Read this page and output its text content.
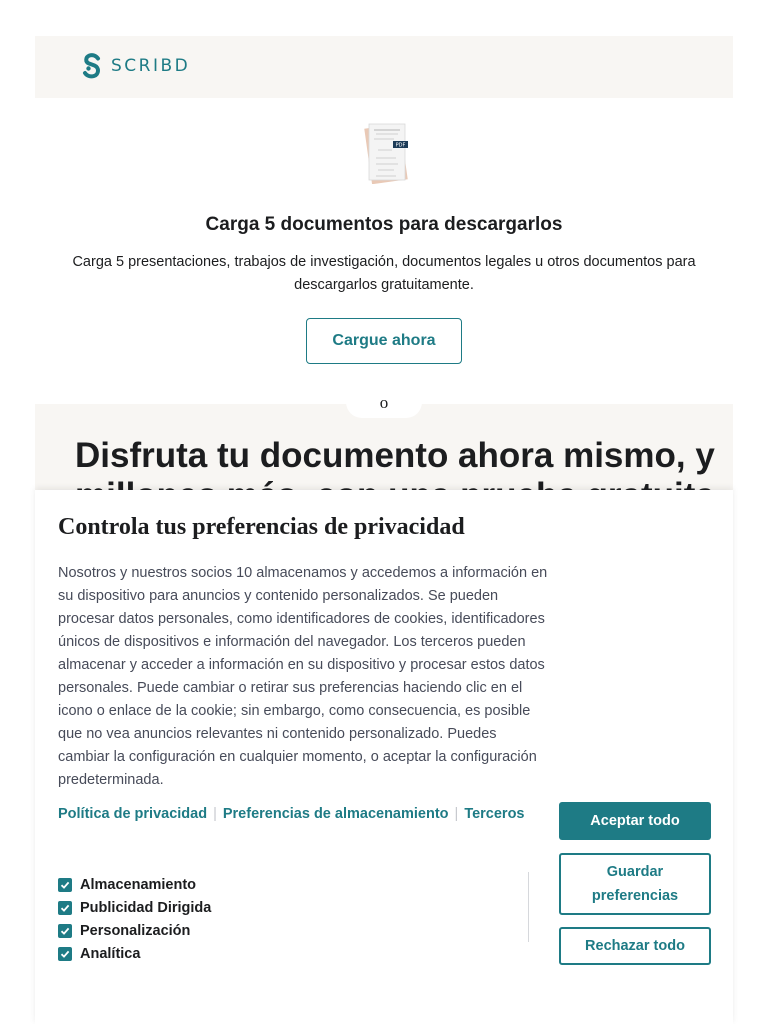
SCRIBD
PDF
Carga 5 documentos para descargarlos
Carga 5 presentaciones, trabajos de investigación, documentos legales u otros documentos para descargarlos gratuitamente.
Cargue ahora
Disfruta tu documento ahora mismo, y
o
Controla tus preferencias de privacidad

Nosotros y nuestros socios 10 almacenamos y accedemos a información en su dispositivo para anuncios y contenido personalizados. Se pueden procesar datos personales, como identificadores de cookies, identificadores únicos de dispositivos e información del navegador. Los terceros pueden almacenar y acceder a información en su dispositivo y procesar estos datos personales. Puede cambiar o retirar sus preferencias haciendo clic en el icono o enlace de la cookie; sin embargo, como consecuencia, es posible que no vea anuncios relevantes ni contenido personalizado. Puedes cambiar la configuración en cualquier momento, o aceptar la configuración predeterminada.

Política de privacidad | Preferencias de almacenamiento | Terceros
Almacenamiento
Publicidad Dirigida
Personalización
Analítica
Aceptar todo
Guardar preferencias
Rechazar todo
